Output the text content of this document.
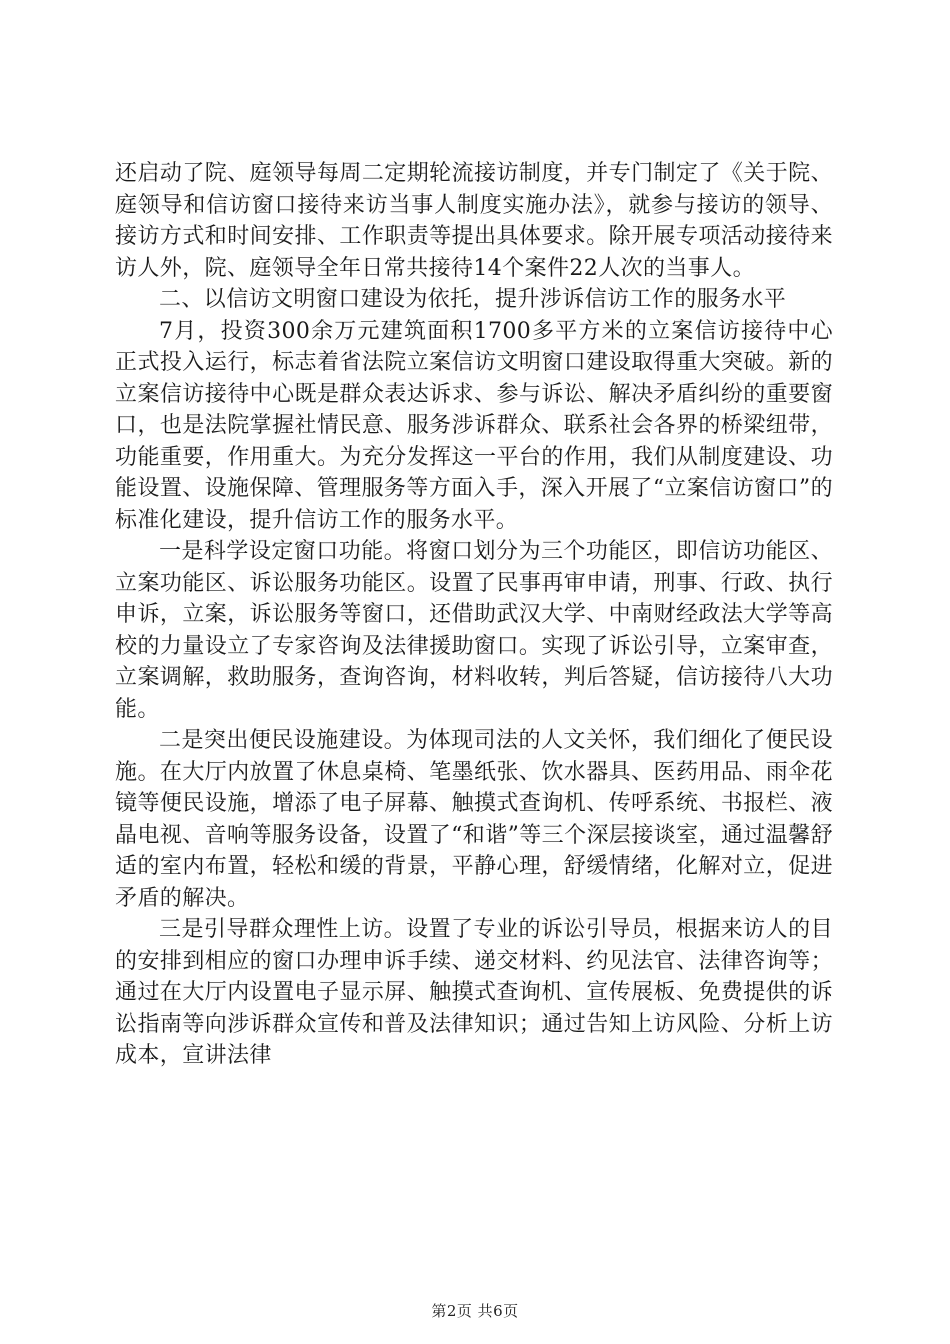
还启动了院、庭领导每周二定期轮流接访制度，并专门制定了《关于院、庭领导和信访窗口接待来访当事人制度实施办法》，就参与接访的领导、接访方式和时间安排、工作职责等提出具体要求。除开展专项活动接待来访人外，院、庭领导全年日常共接待14个案件22人次的当事人。

二、以信访文明窗口建设为依托，提升涉诉信访工作的服务水平

7月，投资300余万元建筑面积1700多平方米的立案信访接待中心正式投入运行，标志着省法院立案信访文明窗口建设取得重大突破。新的立案信访接待中心既是群众表达诉求、参与诉讼、解决矛盾纠纷的重要窗口，也是法院掌握社情民意、服务涉诉群众、联系社会各界的桥梁纽带，功能重要，作用重大。为充分发挥这一平台的作用，我们从制度建设、功能设置、设施保障、管理服务等方面入手，深入开展了“立案信访窗口”的标准化建设，提升信访工作的服务水平。

一是科学设定窗口功能。将窗口划分为三个功能区，即信访功能区、立案功能区、诉讼服务功能区。设置了民事再审申请，刑事、行政、执行申诉，立案，诉讼服务等窗口，还借助武汉大学、中南财经政法大学等高校的力量设立了专家咨询及法律援助窗口。实现了诉讼引导，立案审查，立案调解，救助服务，查询咨询，材料收转，判后答疑，信访接待八大功能。

二是突出便民设施建设。为体现司法的人文关怀，我们细化了便民设施。在大厅内放置了休息桌椅、笔墨纸张、饮水器具、医药用品、雨伞花镜等便民设施，增添了电子屏幕、触摸式查询机、传呼系统、书报栏、液晶电视、音响等服务设备，设置了“和谐”等三个深层接谈室，通过温馨舒适的室内布置，轻松和缓的背景，平静心理，舒缓情绪，化解对立，促进矛盾的解决。

三是引导群众理性上访。设置了专业的诉讼引导员，根据来访人的目的安排到相应的窗口办理申诉手续、递交材料、约见法官、法律咨询等；通过在大厅内设置电子显示屏、触摸式查询机、宣传展板、免费提供的诉讼指南等向涉诉群众宣传和普及法律知识；通过告知上访风险、分析上访成本，宣讲法律

第2页 共6页
